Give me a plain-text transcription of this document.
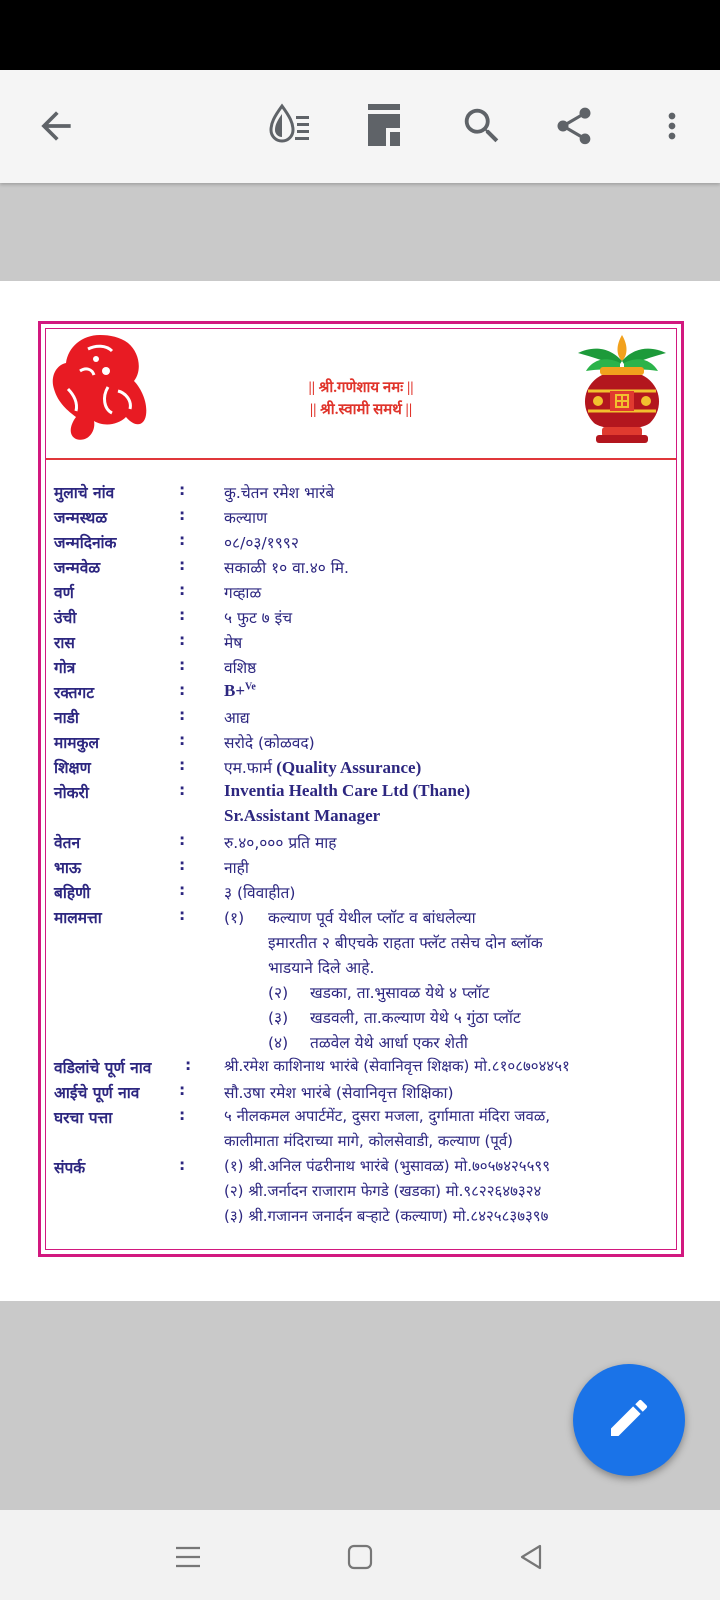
|| श्री.गणेशाय नमः ||
|| श्री.स्वामी समर्थ ||
मुलाचे नांव	:	कु.चेतन रमेश भारंबे
जन्मस्थळ	:	कल्याण
जन्मदिनांक	:	०८/०३/१९९२
जन्मवेळ	:	सकाळी १० वा.४० मि.
वर्ण	:	गव्हाळ
उंची	:	५ फुट ७ इंच
रास	:	मेष
गोत्र	:	वशिष्ठ
रक्तगट	: B+$^{Ve}$
नाडी	:	आद्य
मामकुल	:	सरोदे (कोळवद)
शिक्षण	:	एम.फार्म (Quality Assurance)
नोकरी	: Inventia Health Care Ltd (Thane)
Sr.Assistant Manager
वेतन	:	रु.४०,००० प्रति माह
भाऊ	:	नाही
बहिणी	:	३ (विवाहीत)
मालमत्ता	:	(१) कल्याण पूर्व येथील प्लॉट व बांधलेल्या
इमारतीत २ बीएचके राहता फ्लॅट तसेच दोन ब्लॉक
भाडयाने दिले आहे.
(२) खडका, ता.भुसावळ येथे ४ प्लॉट
(३) खडवली, ता.कल्याण येथे ५ गुंठा प्लॉट
(४) तळवेल येथे आर्धा एकर शेती
वडिलांचे पूर्ण नाव : श्री.रमेश काशिनाथ भारंबे (सेवानिवृत्त शिक्षक) मो.८१०८७०४४५१
आईचे पूर्ण नाव	:	सौ.उषा रमेश भारंबे (सेवानिवृत्त शिक्षिका)
घरचा पत्ता	:	५ नीलकमल अपार्टमेंट, दुसरा मजला, दुर्गामाता मंदिरा जवळ,
कालीमाता मंदिराच्या मागे, कोलसेवाडी, कल्याण (पूर्व)
संपर्क	:	(१) श्री.अनिल पंढरीनाथ भारंबे (भुसावळ) मो.७०५७४२५५९९
(२) श्री.जर्नादन राजाराम फेगडे (खडका) मो.९८२२६४७३२४
(३) श्री.गजानन जनार्दन बऱ्हाटे (कल्याण) मो.८४२५८३७३९७
